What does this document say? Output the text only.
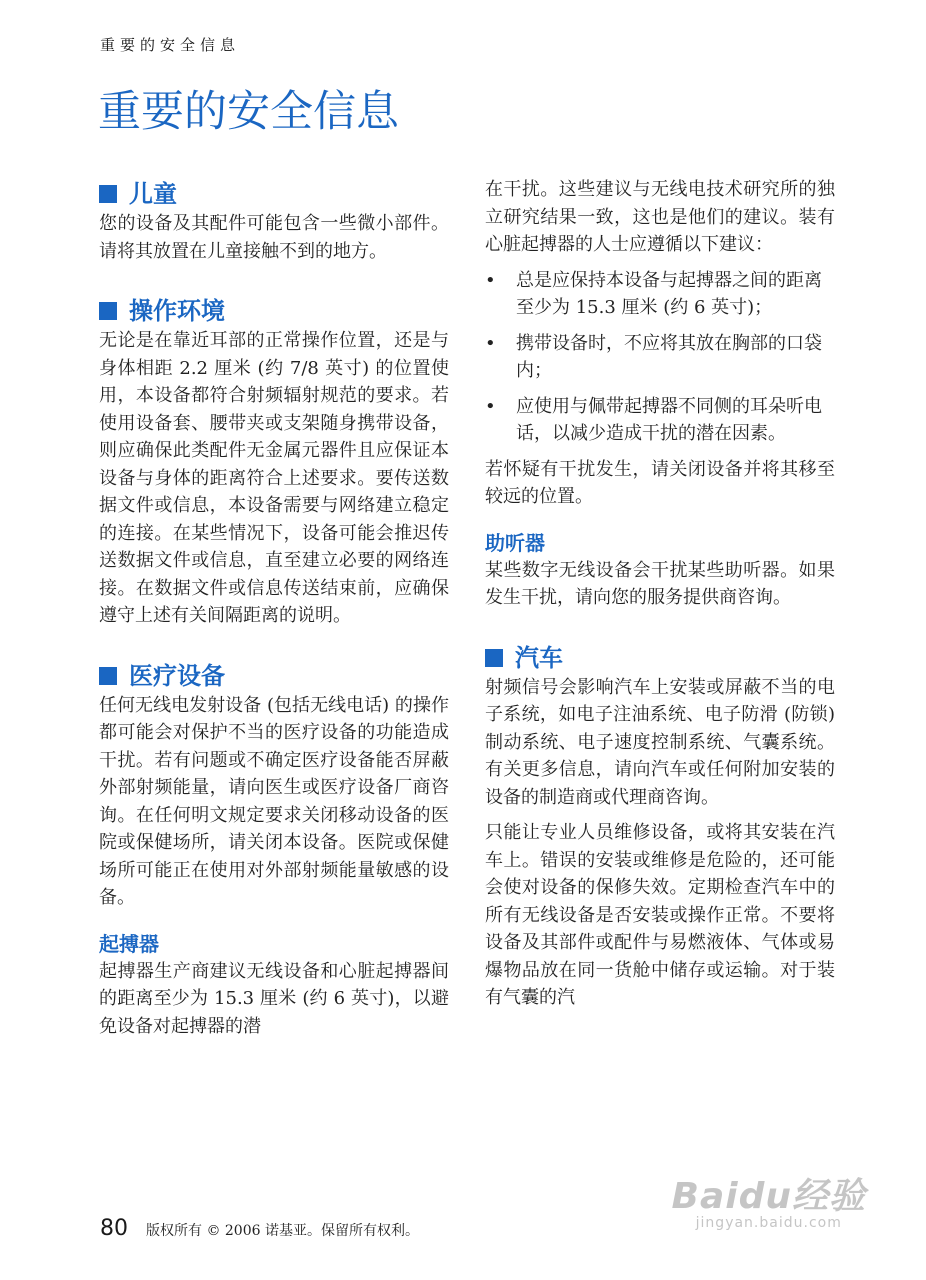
重要的安全信息
重要的安全信息
儿童

您的设备及其配件可能包含一些微小部件。请将其放置在儿童接触不到的地方。

操作环境

无论是在靠近耳部的正常操作位置，还是与身体相距 2.2 厘米 (约 7/8 英寸) 的位置使用，本设备都符合射频辐射规范的要求。若使用设备套、腰带夹或支架随身携带设备，则应确保此类配件无金属元器件且应保证本设备与身体的距离符合上述要求。要传送数据文件或信息，本设备需要与网络建立稳定的连接。在某些情况下，设备可能会推迟传送数据文件或信息，直至建立必要的网络连接。在数据文件或信息传送结束前，应确保遵守上述有关间隔距离的说明。

医疗设备

任何无线电发射设备 (包括无线电话) 的操作都可能会对保护不当的医疗设备的功能造成干扰。若有问题或不确定医疗设备能否屏蔽外部射频能量，请向医生或医疗设备厂商咨询。在任何明文规定要求关闭移动设备的医院或保健场所，请关闭本设备。医院或保健场所可能正在使用对外部射频能量敏感的设备。

起搏器

起搏器生产商建议无线设备和心脏起搏器间的距离至少为 15.3 厘米 (约 6 英寸)，以避免设备对起搏器的潜

在干扰。这些建议与无线电技术研究所的独立研究结果一致，这也是他们的建议。装有心脏起搏器的人士应遵循以下建议：

• 总是应保持本设备与起搏器之间的距离至少为 15.3 厘米 (约 6 英寸)；
• 携带设备时，不应将其放在胸部的口袋内；
• 应使用与佩带起搏器不同侧的耳朵听电话，以减少造成干扰的潜在因素。

若怀疑有干扰发生，请关闭设备并将其移至较远的位置。

助听器

某些数字无线设备会干扰某些助听器。如果发生干扰，请向您的服务提供商咨询。

汽车

射频信号会影响汽车上安装或屏蔽不当的电子系统，如电子注油系统、电子防滑 (防锁) 制动系统、电子速度控制系统、气囊系统。有关更多信息，请向汽车或任何附加安装的设备的制造商或代理商咨询。

只能让专业人员维修设备，或将其安装在汽车上。错误的安装或维修是危险的，还可能会使对设备的保修失效。定期检查汽车中的所有无线设备是否安装或操作正常。不要将设备及其部件或配件与易燃液体、气体或易爆物品放在同一货舱中储存或运输。对于装有气囊的汽

80 版权所有 © 2006 诺基亚。保留所有权利。
Baidu经验
jingyan.baidu.com
